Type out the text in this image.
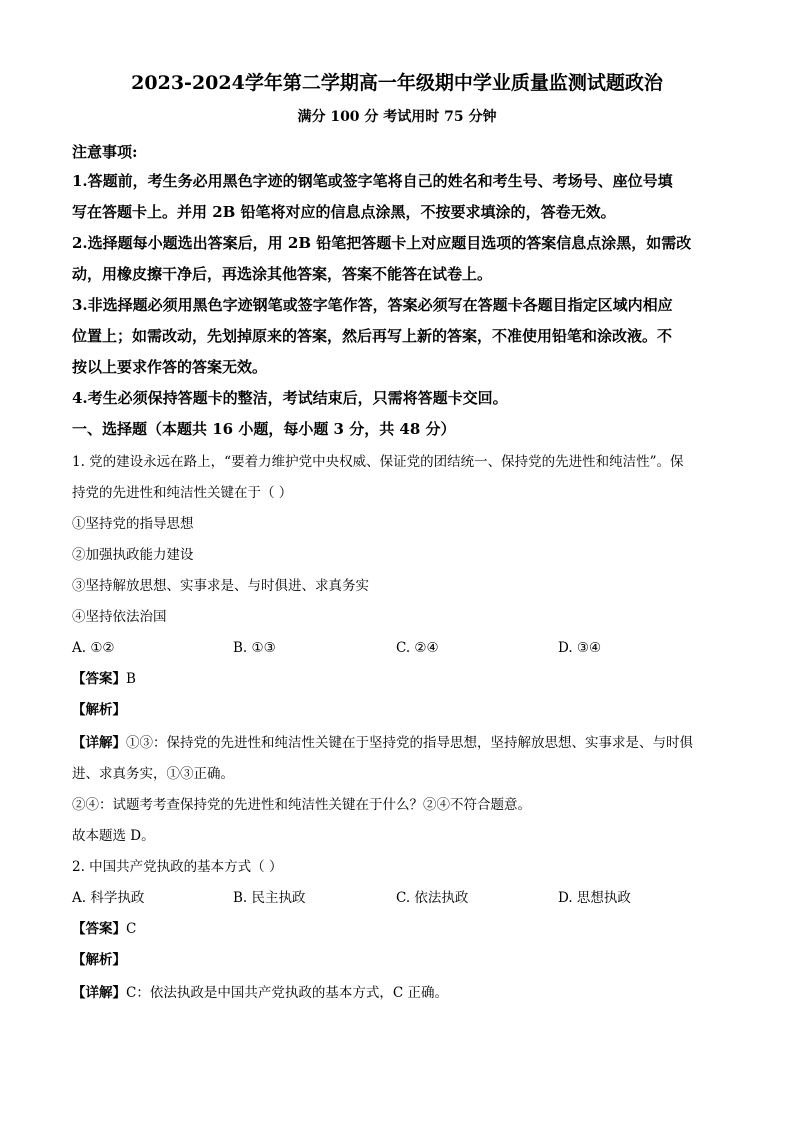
2023-2024学年第二学期高一年级期中学业质量监测试题政治
满分 100 分 考试用时 75 分钟
注意事项:
1.答题前，考生务必用黑色字迹的钢笔或签字笔将自己的姓名和考生号、考场号、座位号填
写在答题卡上。并用 2B 铅笔将对应的信息点涂黑，不按要求填涂的，答卷无效。
2.选择题每小题选出答案后，用 2B 铅笔把答题卡上对应题目选项的答案信息点涂黑，如需改
动，用橡皮擦干净后，再选涂其他答案，答案不能答在试卷上。
3.非选择题必须用黑色字迹钢笔或签字笔作答，答案必须写在答题卡各题目指定区域内相应
位置上；如需改动，先划掉原来的答案，然后再写上新的答案，不准使用铅笔和涂改液。不
按以上要求作答的答案无效。
4.考生必须保持答题卡的整洁，考试结束后，只需将答题卡交回。
一、选择题（本题共 16 小题，每小题 3 分，共 48 分）
1. 党的建设永远在路上，“要着力维护党中央权威、保证党的团结统一、保持党的先进性和纯洁性”。保
持党的先进性和纯洁性关键在于（ ）
①坚持党的指导思想
②加强执政能力建设
③坚持解放思想、实事求是、与时俱进、求真务实
④坚持依法治国
A. ①②	B. ①③	C. ②④	D. ③④
【答案】B
【解析】
【详解】①③：保持党的先进性和纯洁性关键在于坚持党的指导思想，坚持解放思想、实事求是、与时俱
进、求真务实，①③正确。
②④：试题考考查保持党的先进性和纯洁性关键在于什么？②④不符合题意。
故本题选 D。
2. 中国共产党执政的基本方式（ ）
A. 科学执政	B. 民主执政	C. 依法执政	D. 思想执政
【答案】C
【解析】
【详解】C：依法执政是中国共产党执政的基本方式，C 正确。
